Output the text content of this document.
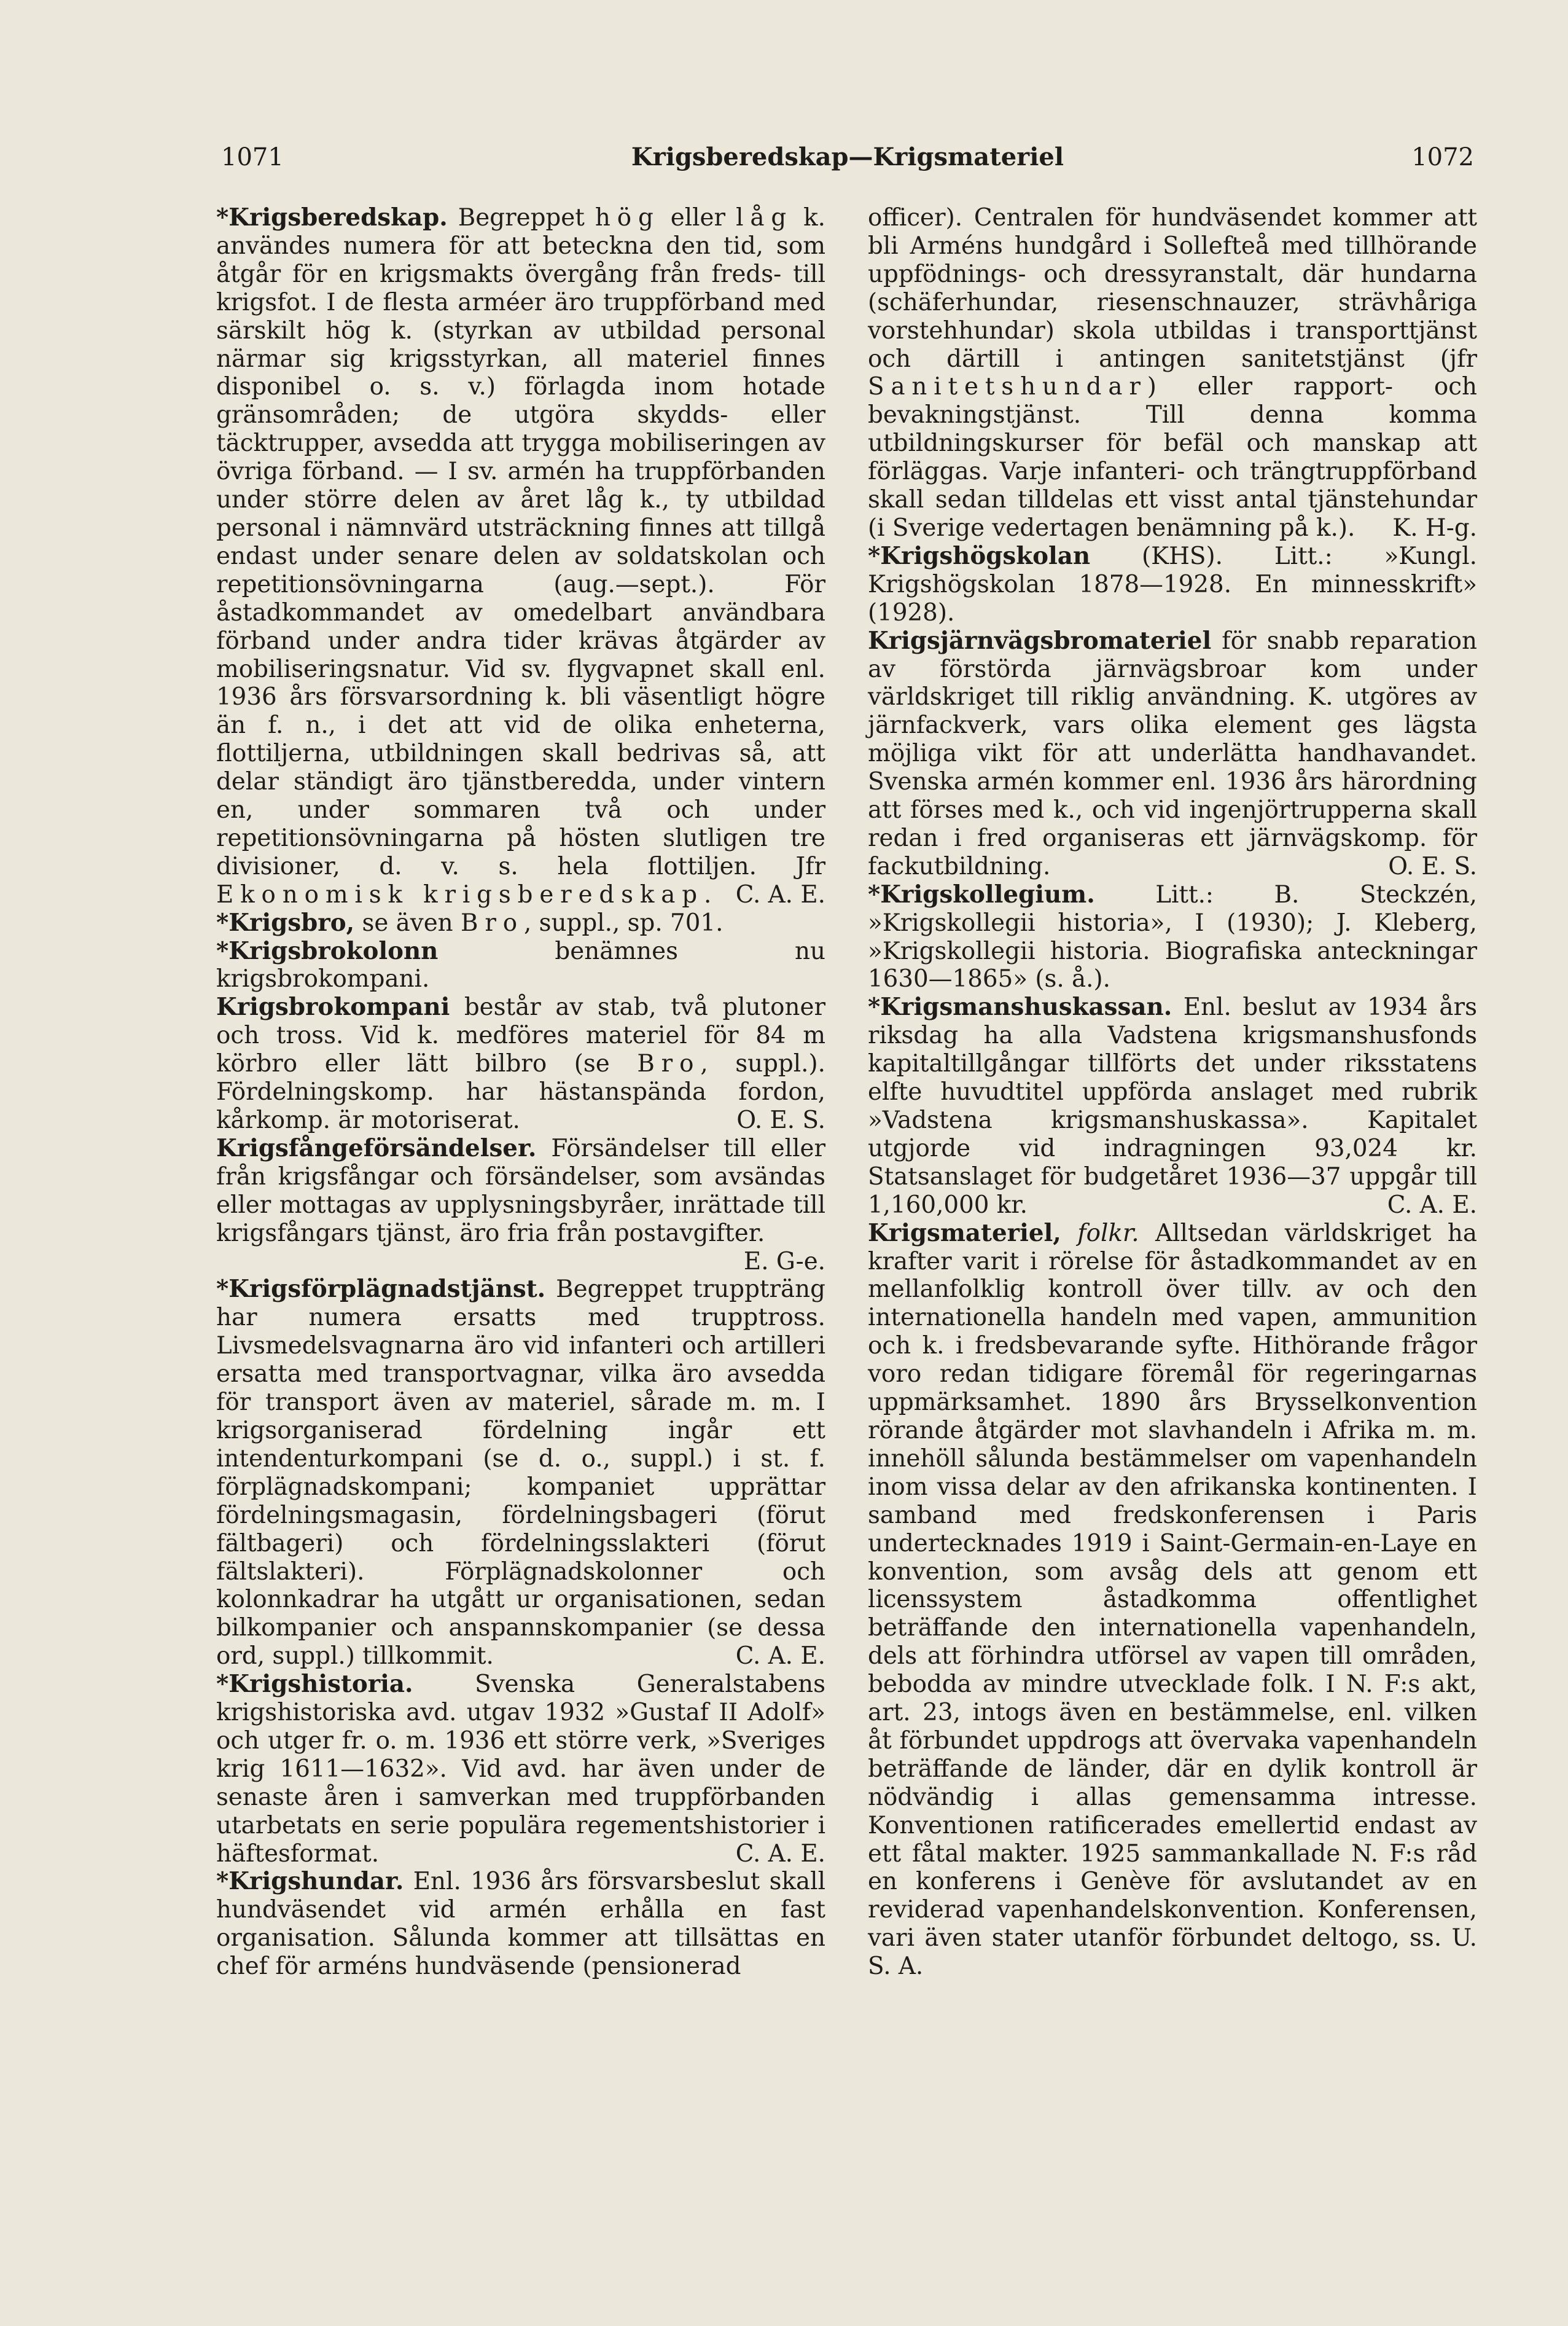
1071	Krigsberedskap—Krigsmateriel	1072

*Krigsberedskap. Begreppet hög eller låg k. användes numera för att beteckna den tid, som åtgår för en krigsmakts övergång från freds- till krigsfot. I de flesta arméer äro truppförband med särskilt hög k. (styrkan av utbildad personal närmar sig krigsstyrkan, all materiel finnes disponibel o. s. v.) förlagda inom hotade gränsområden; de utgöra skydds- eller täcktrupper, avsedda att trygga mobiliseringen av övriga förband. — I sv. armén ha truppförbanden under större delen av året låg k., ty utbildad personal i nämnvärd utsträckning finnes att tillgå endast under senare delen av soldatskolan och repetitionsövningarna (aug.—sept.). För åstadkommandet av omedelbart användbara förband under andra tider krävas åtgärder av mobiliseringsnatur. Vid sv. flygvapnet skall enl. 1936 års försvarsordning k. bli väsentligt högre än f. n., i det att vid de olika enheterna, flottiljerna, utbildningen skall bedrivas så, att delar ständigt äro tjänstberedda, under vintern en, under sommaren två och under repetitionsövningarna på hösten slutligen tre divisioner, d. v. s. hela flottiljen. Jfr Ekonomisk krigsberedskap.	C. A. E.

*Krigsbro, se även Bro, suppl., sp. 701.

*Krigsbrokolonn benämnes nu krigsbrokompani.

Krigsbrokompani består av stab, två plutoner och tross. Vid k. medföres materiel för 84 m körbro eller lätt bilbro (se Bro, suppl.). Fördelningskomp. har hästanspända fordon, kårkomp. är motoriserat.	O. E. S.

Krigsfångeförsändelser. Försändelser till eller från krigsfångar och försändelser, som avsändas eller mottagas av upplysningsbyråer, inrättade till krigsfångars tjänst, äro fria från postavgifter.
E. G-e.

*Krigsförplägnadstjänst. Begreppet truppträng har numera ersatts med trupptross. Livsmedelsvagnarna äro vid infanteri och artilleri ersatta med transportvagnar, vilka äro avsedda för transport även av materiel, sårade m. m. I krigsorganiserad fördelning ingår ett intendenturkompani (se d. o., suppl.) i st. f. förplägnadskompani; kompaniet upprättar fördelningsmagasin, fördelningsbageri (förut fältbageri) och fördelningsslakteri (förut fältslakteri). Förplägnadskolonner och kolonnkadrar ha utgått ur organisationen, sedan bilkompanier och anspannskompanier (se dessa ord, suppl.) tillkommit.	C. A. E.

*Krigshistoria. Svenska Generalstabens krigshistoriska avd. utgav 1932 »Gustaf II Adolf» och utger fr. o. m. 1936 ett större verk, »Sveriges krig 1611—1632». Vid avd. har även under de senaste åren i samverkan med truppförbanden utarbetats en serie populära regementshistorier i häftesformat.	C. A. E.

*Krigshundar. Enl. 1936 års försvarsbeslut skall hundväsendet vid armén erhålla en fast organisation. Sålunda kommer att tillsättas en chef för arméns hundväsende (pensionerad

officer). Centralen för hundväsendet kommer att bli Arméns hundgård i Sollefteå med tillhörande uppfödnings- och dressyranstalt, där hundarna (schäferhundar, riesenschnauzer, strävhåriga vorstehhundar) skola utbildas i transporttjänst och därtill i antingen sanitetstjänst (jfr Sanitetshundar) eller rapport- och bevakningstjänst. Till denna komma utbildningskurser för befäl och manskap att förläggas. Varje infanteri- och trängtruppförband skall sedan tilldelas ett visst antal tjänstehundar (i Sverige vedertagen benämning på k.).	K. H-g.

*Krigshögskolan (KHS). Litt.: »Kungl. Krigshögskolan 1878—1928. En minnesskrift» (1928).

Krigsjärnvägsbromateriel för snabb reparation av förstörda järnvägsbroar kom under världskriget till riklig användning. K. utgöres av järnfackverk, vars olika element ges lägsta möjliga vikt för att underlätta handhavandet. Svenska armén kommer enl. 1936 års härordning att förses med k., och vid ingenjörtrupperna skall redan i fred organiseras ett järnvägskomp. för fackutbildning.	O. E. S.

*Krigskollegium. Litt.: B. Steckzén, »Krigskollegii historia», I (1930); J. Kleberg, »Krigskollegii historia. Biografiska anteckningar 1630—1865» (s. å.).

*Krigsmanshuskassan. Enl. beslut av 1934 års riksdag ha alla Vadstena krigsmanshusfonds kapitaltillgångar tillförts det under riksstatens elfte huvudtitel uppförda anslaget med rubrik »Vadstena krigsmanshuskassa». Kapitalet utgjorde vid indragningen 93,024 kr. Statsanslaget för budgetåret 1936—37 uppgår till 1,160,000 kr.	C. A. E.

Krigsmateriel, folkr. Alltsedan världskriget ha krafter varit i rörelse för åstadkommandet av en mellanfolklig kontroll över tillv. av och den internationella handeln med vapen, ammunition och k. i fredsbevarande syfte. Hithörande frågor voro redan tidigare föremål för regeringarnas uppmärksamhet. 1890 års Brysselkonvention rörande åtgärder mot slavhandeln i Afrika m. m. innehöll sålunda bestämmelser om vapenhandeln inom vissa delar av den afrikanska kontinenten. I samband med fredskonferensen i Paris undertecknades 1919 i Saint-Germain-en-Laye en konvention, som avsåg dels att genom ett licenssystem åstadkomma offentlighet beträffande den internationella vapenhandeln, dels att förhindra utförsel av vapen till områden, bebodda av mindre utvecklade folk. I N. F:s akt, art. 23, intogs även en bestämmelse, enl. vilken åt förbundet uppdrogs att övervaka vapenhandeln beträffande de länder, där en dylik kontroll är nödvändig i allas gemensamma intresse. Konventionen ratificerades emellertid endast av ett fåtal makter. 1925 sammankallade N. F:s råd en konferens i Genève för avslutandet av en reviderad vapenhandelskonvention. Konferensen, vari även stater utanför förbundet deltogo, ss. U. S. A.
